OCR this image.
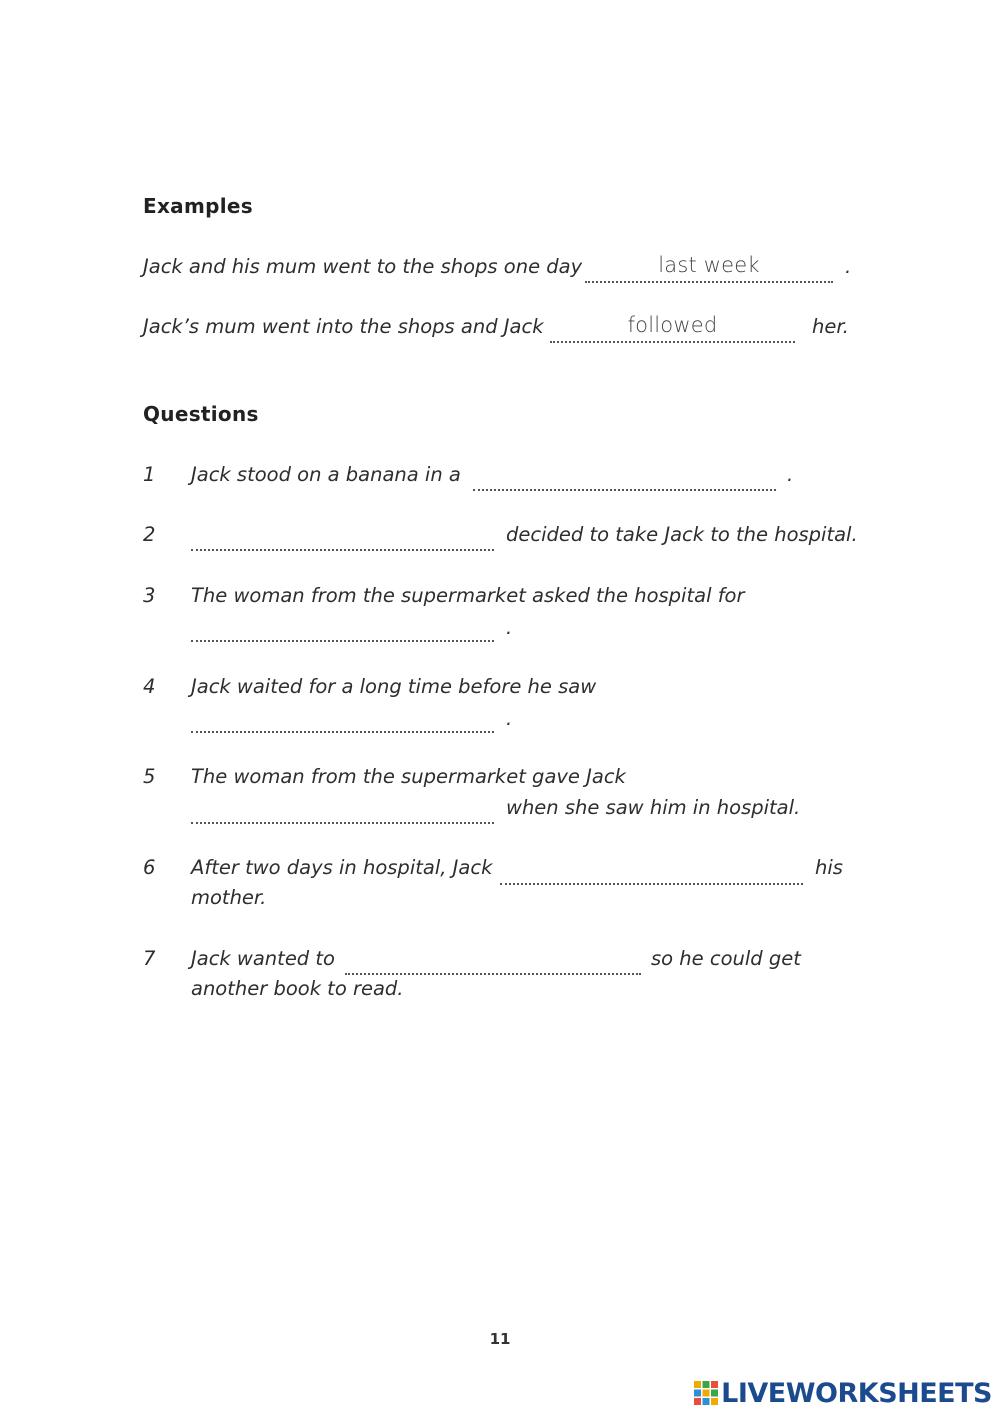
Examples
Jack and his mum went to the shops one day	last week	.
Jack’s mum went into the shops and Jack	followed	her.
Questions
1 Jack stood on a banana in a	.
2	decided to take Jack to the hospital.
3 The woman from the supermarket asked the hospital for
.
4 Jack waited for a long time before he saw
.
5 The woman from the supermarket gave Jack
when she saw him in hospital.
6 After two days in hospital, Jack	his
mother.
7 Jack wanted to	so he could get
another book to read.
11
LIVEWORKSHEETS
